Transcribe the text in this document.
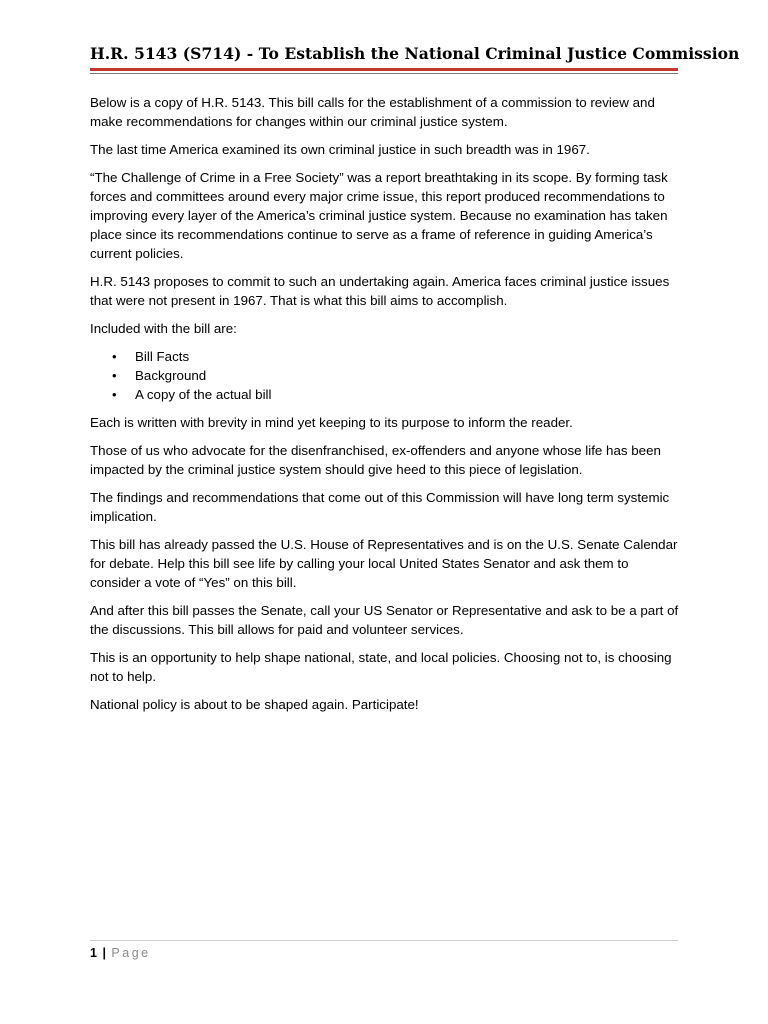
H.R. 5143 (S714) - To Establish the National Criminal Justice Commission

Below is a copy of H.R. 5143. This bill calls for the establishment of a commission to review and make recommendations for changes within our criminal justice system.

The last time America examined its own criminal justice in such breadth was in 1967.

“The Challenge of Crime in a Free Society” was a report breathtaking in its scope. By forming task forces and committees around every major crime issue, this report produced recommendations to improving every layer of the America’s criminal justice system. Because no examination has taken place since its recommendations continue to serve as a frame of reference in guiding America’s current policies.

H.R. 5143 proposes to commit to such an undertaking again. America faces criminal justice issues that were not present in 1967. That is what this bill aims to accomplish.

Included with the bill are:

•	Bill Facts
•	Background
•	A copy of the actual bill

Each is written with brevity in mind yet keeping to its purpose to inform the reader.

Those of us who advocate for the disenfranchised, ex-offenders and anyone whose life has been impacted by the criminal justice system should give heed to this piece of legislation.

The findings and recommendations that come out of this Commission will have long term systemic implication.

This bill has already passed the U.S. House of Representatives and is on the U.S. Senate Calendar for debate. Help this bill see life by calling your local United States Senator and ask them to consider a vote of “Yes” on this bill.

And after this bill passes the Senate, call your US Senator or Representative and ask to be a part of the discussions. This bill allows for paid and volunteer services.

This is an opportunity to help shape national, state, and local policies. Choosing not to, is choosing not to help.

National policy is about to be shaped again. Participate!

1 | Page
